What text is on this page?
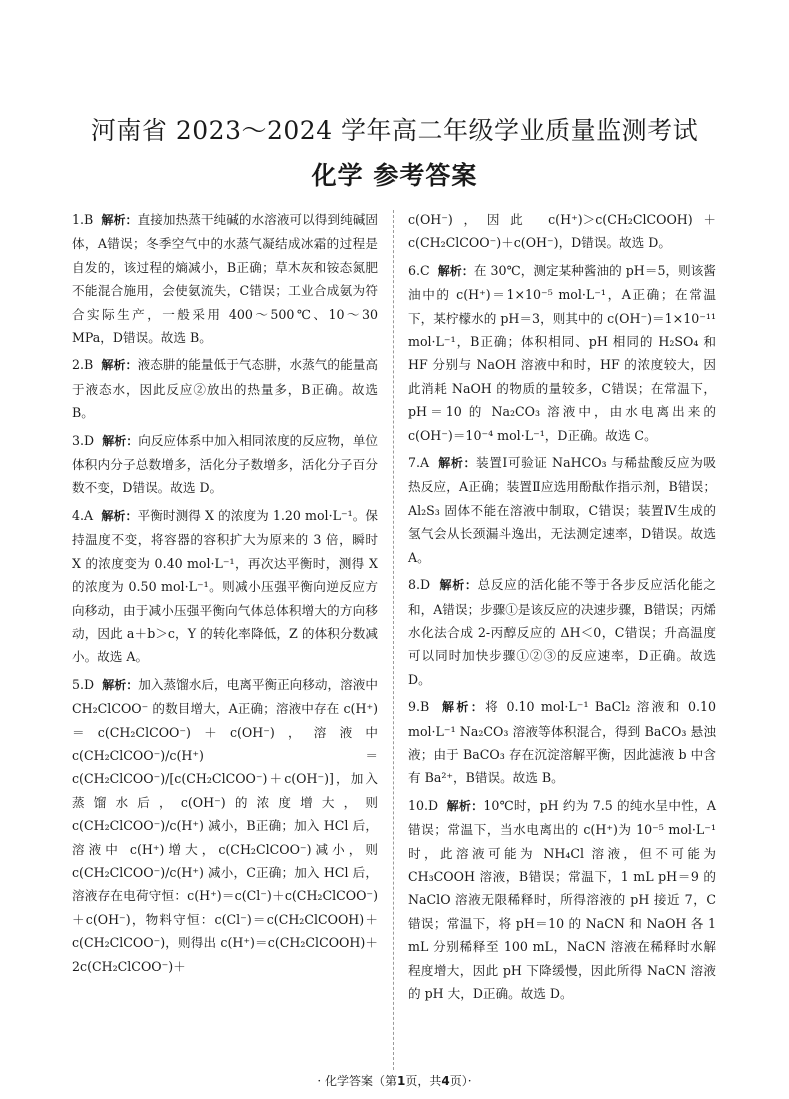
河南省 2023～2024 学年高二年级学业质量监测考试
化学 参考答案

1.B 解析：直接加热蒸干纯碱的水溶液可以得到纯碱固体，A错误；冬季空气中的水蒸气凝结成冰霜的过程是自发的，该过程的熵减小，B正确；草木灰和铵态氮肥不能混合施用，会使氨流失，C错误；工业合成氨为符合实际生产，一般采用 400～500℃、10～30 MPa，D错误。故选 B。

2.B 解析：液态肼的能量低于气态肼，水蒸气的能量高于液态水，因此反应②放出的热量多，B正确。故选 B。

3.D 解析：向反应体系中加入相同浓度的反应物，单位体积内分子总数增多，活化分子数增多，活化分子百分数不变，D错误。故选 D。

4.A 解析：平衡时测得 X 的浓度为 1.20 mol·L⁻¹。保持温度不变，将容器的容积扩大为原来的 3 倍，瞬时 X 的浓度变为 0.40 mol·L⁻¹，再次达平衡时，测得 X 的浓度为 0.50 mol·L⁻¹。则减小压强平衡向逆反应方向移动，由于减小压强平衡向气体总体积增大的方向移动，因此 a＋b＞c，Y 的转化率降低，Z 的体积分数减小。故选 A。

5.D 解析：加入蒸馏水后，电离平衡正向移动，溶液中 CH₂ClCOO⁻ 的数目增大，A正确；溶液中存在 c(H⁺)＝c(CH₂ClCOO⁻)＋c(OH⁻)，溶液中 c(CH₂ClCOO⁻)/c(H⁺)＝c(CH₂ClCOO⁻)/[c(CH₂ClCOO⁻)＋c(OH⁻)]，加入蒸馏水后，c(OH⁻)的浓度增大，则 c(CH₂ClCOO⁻)/c(H⁺) 减小，B正确；加入 HCl 后，溶液中 c(H⁺)增大，c(CH₂ClCOO⁻)减小，则 c(CH₂ClCOO⁻)/c(H⁺) 减小，C正确；加入 HCl 后，溶液存在电荷守恒：c(H⁺)＝c(Cl⁻)＋c(CH₂ClCOO⁻)＋c(OH⁻)，物料守恒：c(Cl⁻)＝c(CH₂ClCOOH)＋c(CH₂ClCOO⁻)，则得出 c(H⁺)＝c(CH₂ClCOOH)＋2c(CH₂ClCOO⁻)＋

c(OH⁻)，因此 c(H⁺)＞c(CH₂ClCOOH)＋c(CH₂ClCOO⁻)＋c(OH⁻)，D错误。故选 D。

6.C 解析：在 30℃，测定某种酱油的 pH＝5，则该酱油中的 c(H⁺)＝1×10⁻⁵ mol·L⁻¹，A正确；在常温下，某柠檬水的 pH＝3，则其中的 c(OH⁻)＝1×10⁻¹¹ mol·L⁻¹，B正确；体积相同、pH 相同的 H₂SO₄ 和 HF 分别与 NaOH 溶液中和时，HF 的浓度较大，因此消耗 NaOH 的物质的量较多，C错误；在常温下，pH＝10 的 Na₂CO₃ 溶液中，由水电离出来的 c(OH⁻)＝10⁻⁴ mol·L⁻¹，D正确。故选 C。

7.A 解析：装置Ⅰ可验证 NaHCO₃ 与稀盐酸反应为吸热反应，A正确；装置Ⅱ应选用酚酞作指示剂，B错误；Al₂S₃ 固体不能在溶液中制取，C错误；装置Ⅳ生成的氢气会从长颈漏斗逸出，无法测定速率，D错误。故选 A。

8.D 解析：总反应的活化能不等于各步反应活化能之和，A错误；步骤①是该反应的决速步骤，B错误；丙烯水化法合成 2-丙醇反应的 ΔH＜0，C错误；升高温度可以同时加快步骤①②③的反应速率，D正确。故选 D。

9.B 解析：将 0.10 mol·L⁻¹ BaCl₂ 溶液和 0.10 mol·L⁻¹ Na₂CO₃ 溶液等体积混合，得到 BaCO₃ 悬浊液；由于 BaCO₃ 存在沉淀溶解平衡，因此滤液 b 中含有 Ba²⁺，B错误。故选 B。

10.D 解析：10℃时，pH 约为 7.5 的纯水呈中性，A错误；常温下，当水电离出的 c(H⁺)为 10⁻⁵ mol·L⁻¹ 时，此溶液可能为 NH₄Cl 溶液，但不可能为 CH₃COOH 溶液，B错误；常温下，1 mL pH＝9 的 NaClO 溶液无限稀释时，所得溶液的 pH 接近 7，C错误；常温下，将 pH＝10 的 NaCN 和 NaOH 各 1 mL 分别稀释至 100 mL，NaCN 溶液在稀释时水解程度增大，因此 pH 下降缓慢，因此所得 NaCN 溶液的 pH 大，D正确。故选 D。

· 化学答案（第1页，共4页）·
